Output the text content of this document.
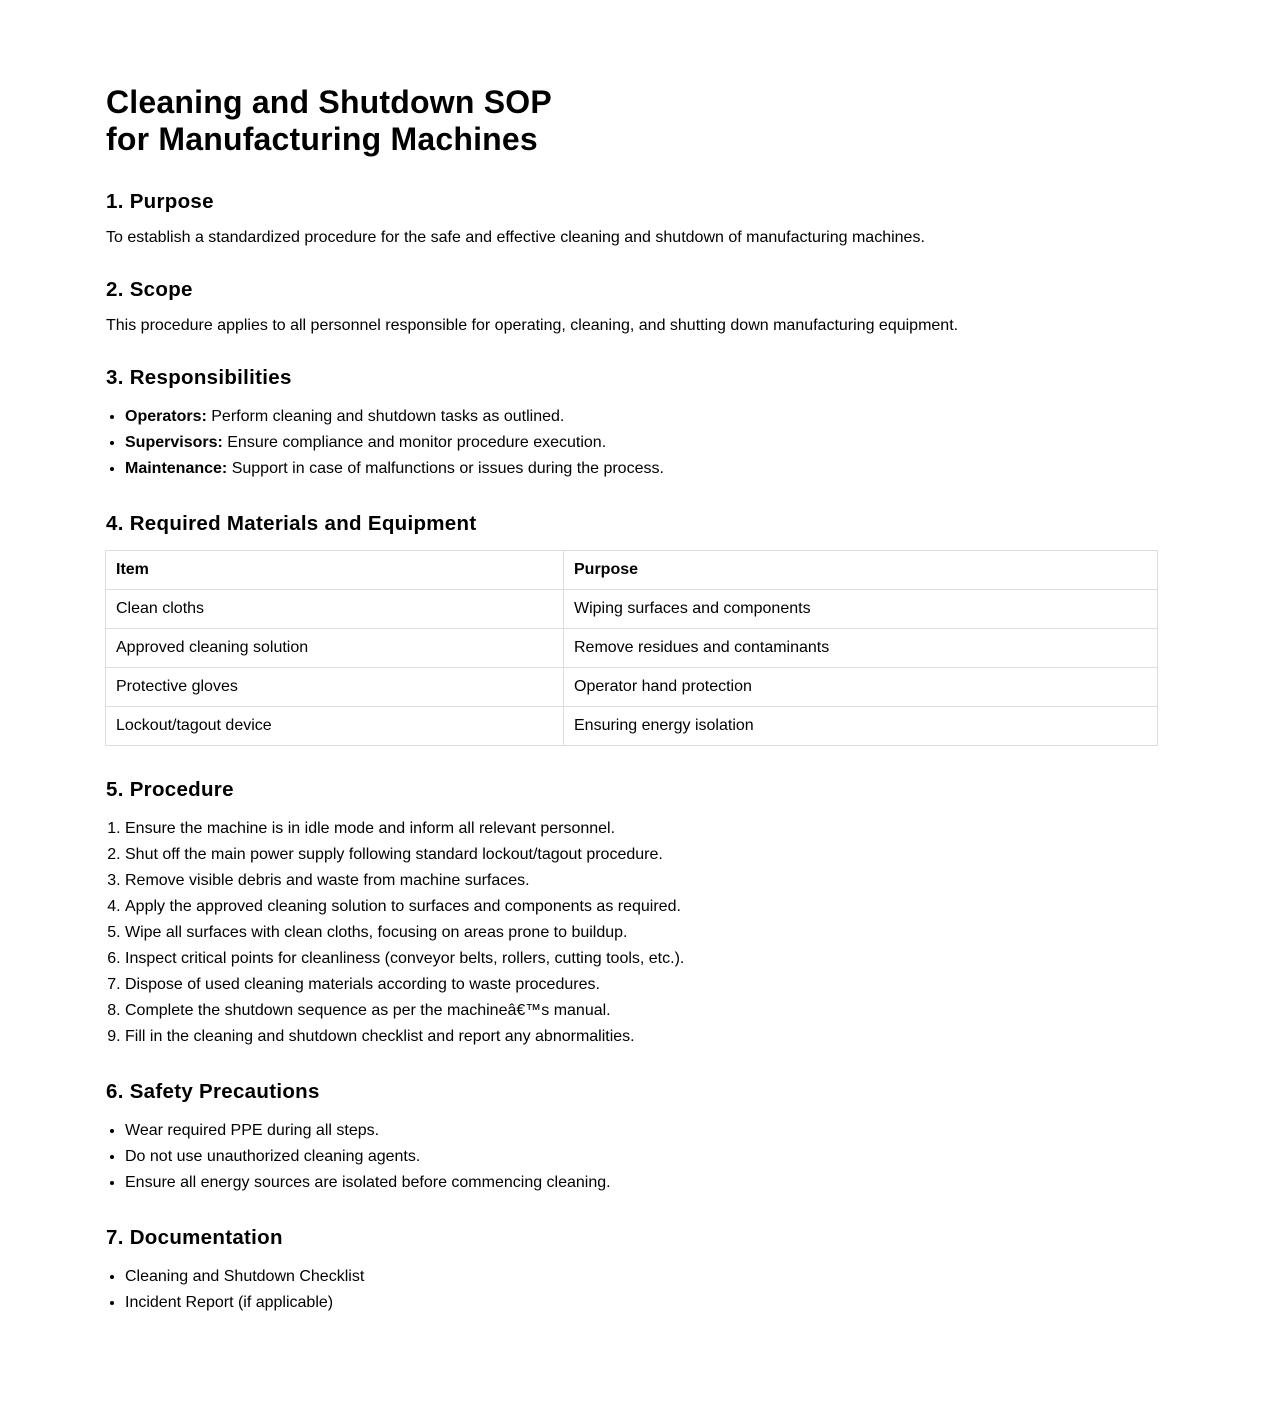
Cleaning and Shutdown SOP
for Manufacturing Machines
1. Purpose

To establish a standardized procedure for the safe and effective cleaning and shutdown of manufacturing machines.

2. Scope

This procedure applies to all personnel responsible for operating, cleaning, and shutting down manufacturing equipment.

3. Responsibilities
• Operators: Perform cleaning and shutdown tasks as outlined.
• Supervisors: Ensure compliance and monitor procedure execution.
• Maintenance: Support in case of malfunctions or issues during the process.
4. Required Materials and Equipment
Item	Purpose
Clean cloths	Wiping surfaces and components
Approved cleaning solution	Remove residues and contaminants
Protective gloves	Operator hand protection
Lockout/tagout device	Ensuring energy isolation
5. Procedure
1. Ensure the machine is in idle mode and inform all relevant personnel.
2. Shut off the main power supply following standard lockout/tagout procedure.
3. Remove visible debris and waste from machine surfaces.
4. Apply the approved cleaning solution to surfaces and components as required.
5. Wipe all surfaces with clean cloths, focusing on areas prone to buildup.
6. Inspect critical points for cleanliness (conveyor belts, rollers, cutting tools, etc.).
7. Dispose of used cleaning materials according to waste procedures.
8. Complete the shutdown sequence as per the machineâ€™s manual.
9. Fill in the cleaning and shutdown checklist and report any abnormalities.
6. Safety Precautions
• Wear required PPE during all steps.
• Do not use unauthorized cleaning agents.
• Ensure all energy sources are isolated before commencing cleaning.
7. Documentation
• Cleaning and Shutdown Checklist
• Incident Report (if applicable)
